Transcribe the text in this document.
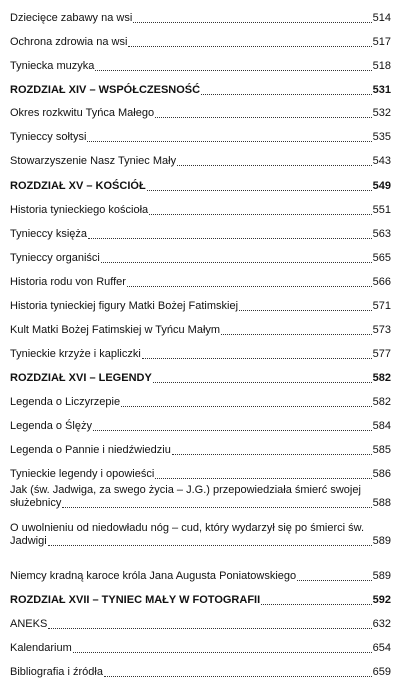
Dziecięce zabawy na wsi	514
Ochrona zdrowia na wsi	517
Tyniecka muzyka	518
ROZDZIAŁ XIV – WSPÓŁCZESNOŚĆ	531
Okres rozkwitu Tyńca Małego	532
Tynieccy sołtysi	535
Stowarzyszenie Nasz Tyniec Mały	543
ROZDZIAŁ XV – KOŚCIÓŁ	549
Historia tynieckiego kościoła	551
Tynieccy księża	563
Tynieccy organiści	565
Historia rodu von Ruffer	566
Historia tynieckiej figury Matki Bożej Fatimskiej	571
Kult Matki Bożej Fatimskiej w Tyńcu Małym	573
Tynieckie krzyże i kapliczki	577
ROZDZIAŁ XVI – LEGENDY	582
Legenda o Liczyrzepie	582
Legenda o Ślęży	584
Legenda o Pannie i niedźwiedziu	585
Tynieckie legendy i opowieści	586
Jak (św. Jadwiga, za swego życia – J.G.) przepowiedziała śmierć swojej
służebnicy	588
O uwolnieniu od niedowładu nóg – cud, który wydarzył się po śmierci św.
Jadwigi	589
Niemcy kradną karoce króla Jana Augusta Poniatowskiego	589
ROZDZIAŁ XVII – TYNIEC MAŁY W FOTOGRAFII	592
ANEKS	632
Kalendarium	654
Bibliografia i źródła	659
